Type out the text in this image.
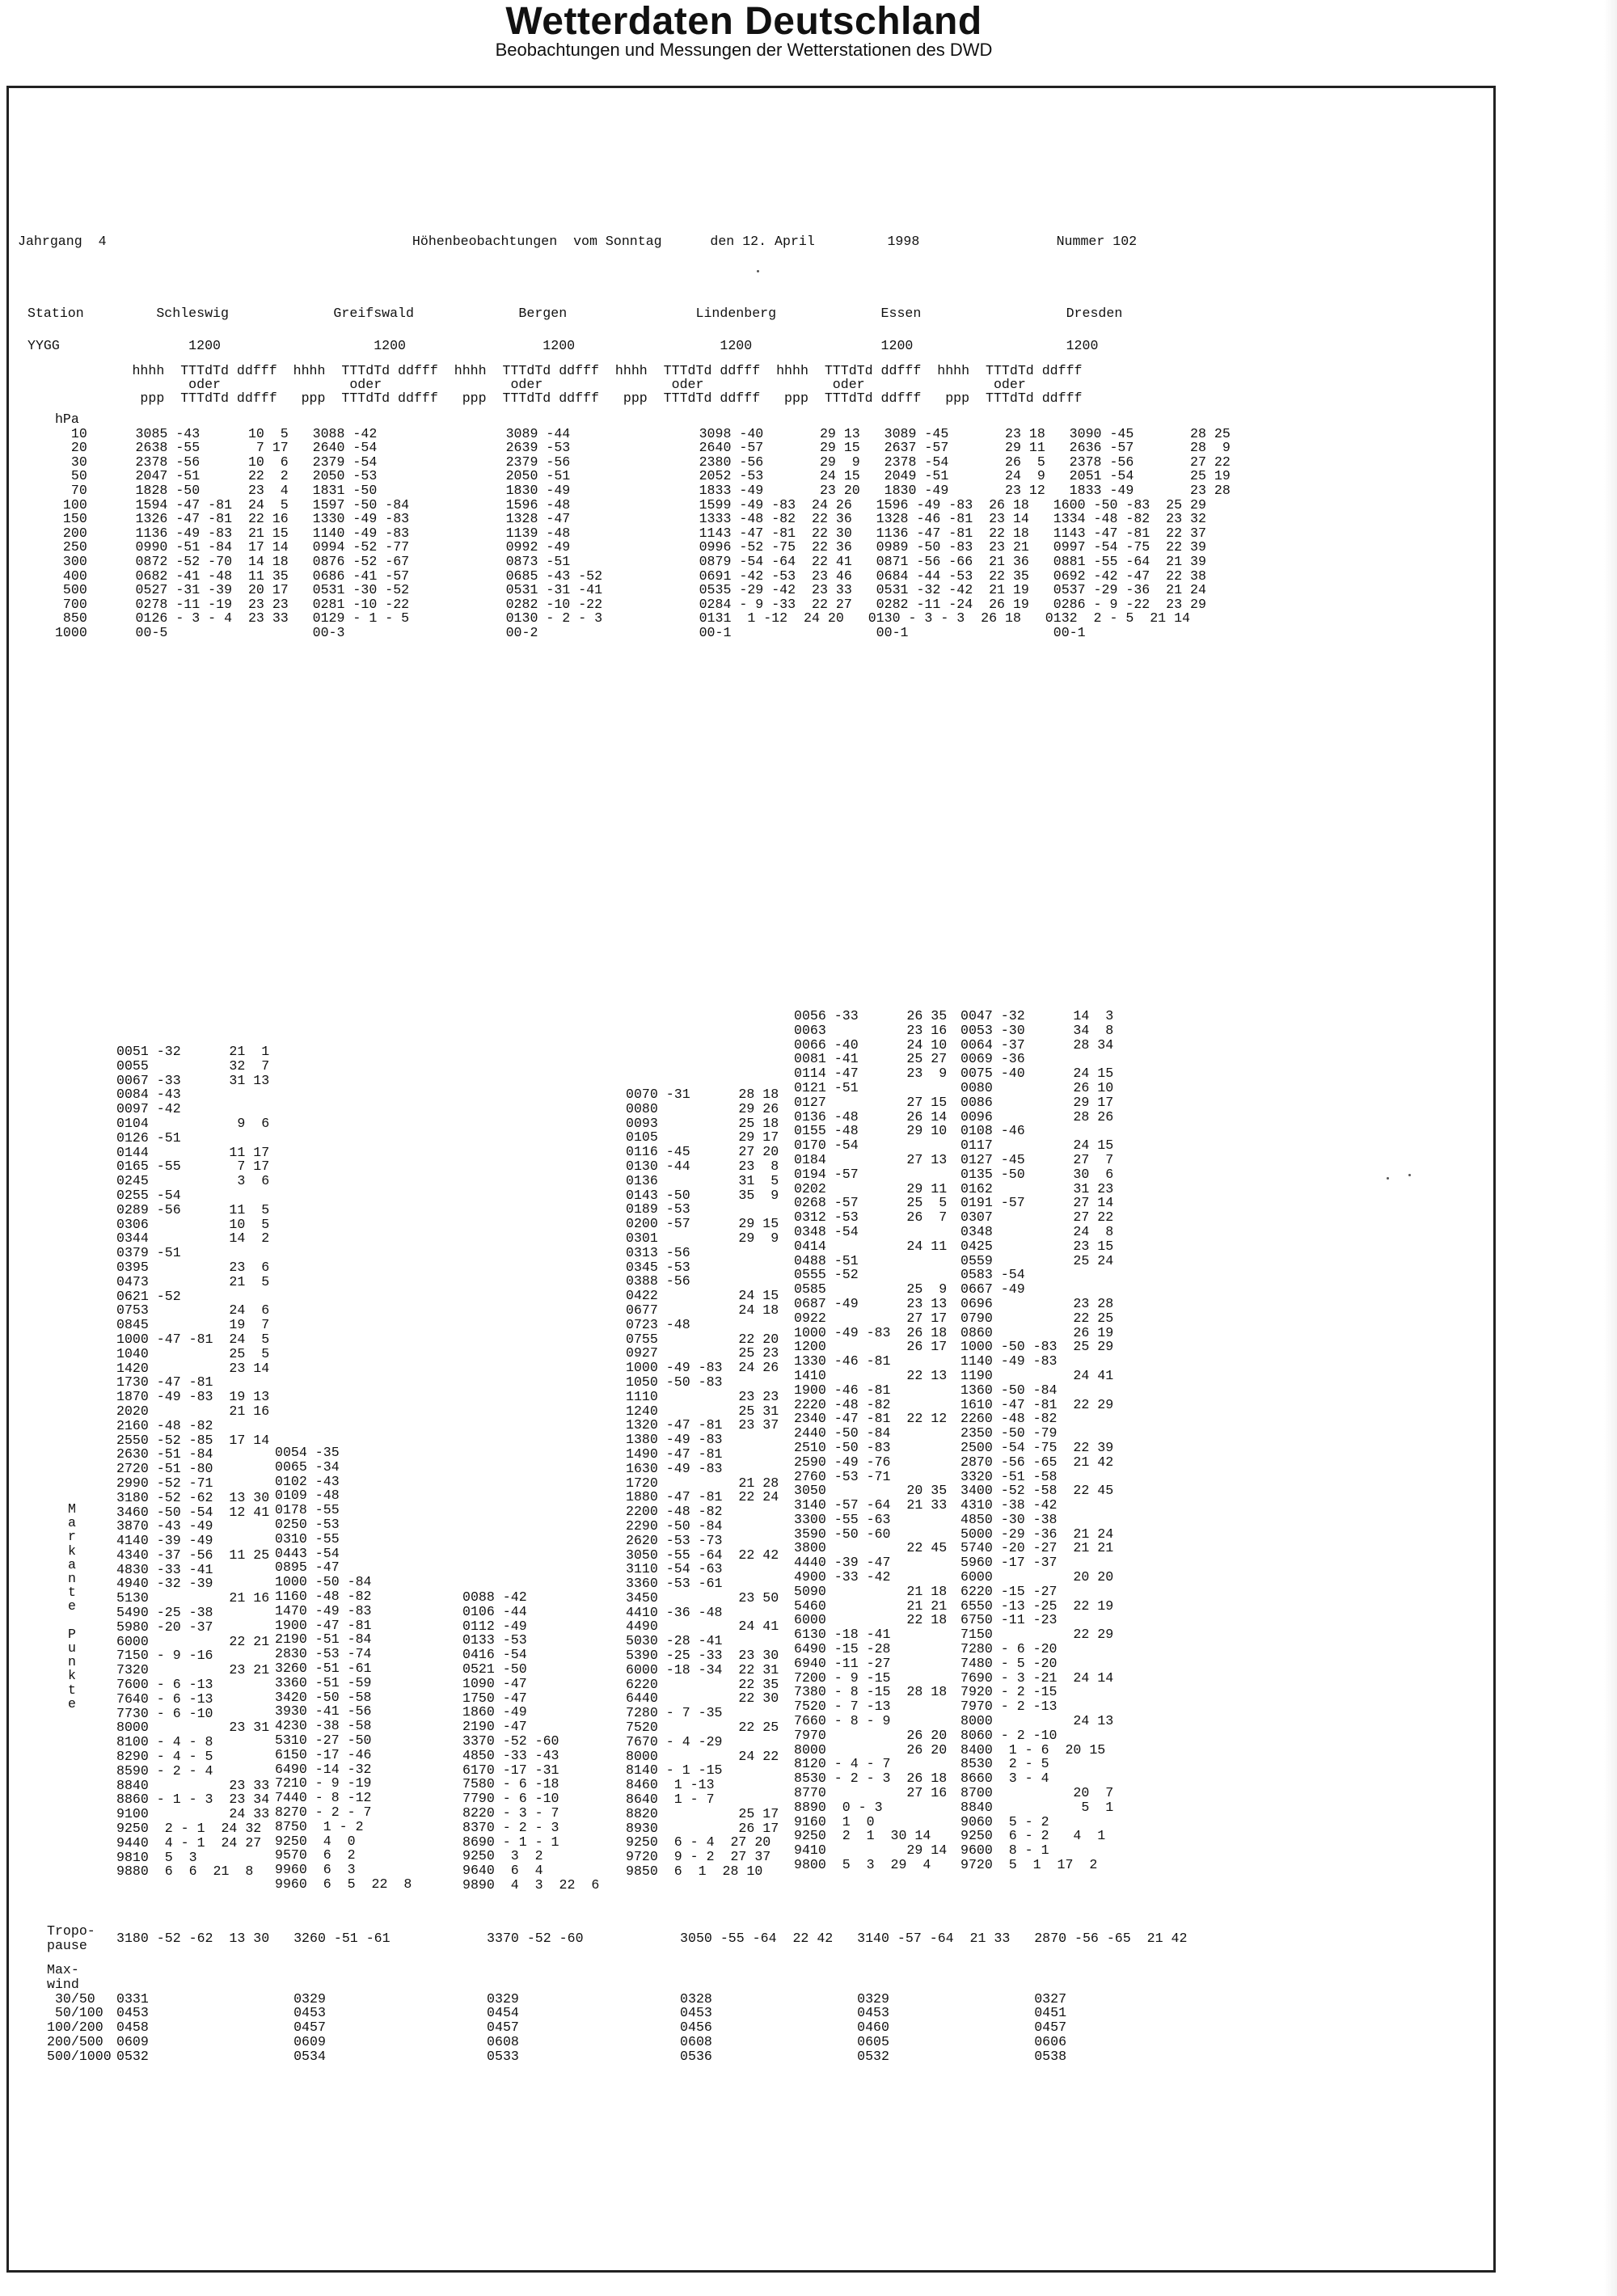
Wetterdaten Deutschland
Beobachtungen und Messungen der Wetterstationen des DWD
Jahrgang  4                                      Höhenbeobachtungen  vom Sonntag      den 12. April         1998                 Nummer 102
Station         Schleswig             Greifswald             Bergen                Lindenberg             Essen                  Dresden

YYGG                1200                   1200                 1200                  1200                1200                   1200
hhhh  TTTdTd ddfff  hhhh  TTTdTd ddfff  hhhh  TTTdTd ddfff  hhhh  TTTdTd ddfff  hhhh  TTTdTd ddfff  hhhh  TTTdTd ddfff
oder                oder                oder                oder                oder                oder
ppp  TTTdTd ddfff   ppp  TTTdTd ddfff   ppp  TTTdTd ddfff   ppp  TTTdTd ddfff   ppp  TTTdTd ddfff   ppp  TTTdTd ddfff
hPa
10      3085 -43      10  5   3088 -42                3089 -44                3098 -40       29 13   3089 -45       23 18   3090 -45       28 25
20      2638 -55       7 17   2640 -54                2639 -53                2640 -57       29 15   2637 -57       29 11   2636 -57       28  9
30      2378 -56      10  6   2379 -54                2379 -56                2380 -56       29  9   2378 -54       26  5   2378 -56       27 22
50      2047 -51      22  2   2050 -53                2050 -51                2052 -53       24 15   2049 -51       24  9   2051 -54       25 19
70      1828 -50      23  4   1831 -50                1830 -49                1833 -49       23 20   1830 -49       23 12   1833 -49       23 28
100      1594 -47 -81  24  5   1597 -50 -84            1596 -48                1599 -49 -83  24 26   1596 -49 -83  26 18   1600 -50 -83  25 29
150      1326 -47 -81  22 16   1330 -49 -83            1328 -47                1333 -48 -82  22 36   1328 -46 -81  23 14   1334 -48 -82  23 32
200      1136 -49 -83  21 15   1140 -49 -83            1139 -48                1143 -47 -81  22 30   1136 -47 -81  22 18   1143 -47 -81  22 37
250      0990 -51 -84  17 14   0994 -52 -77            0992 -49                0996 -52 -75  22 36   0989 -50 -83  23 21   0997 -54 -75  22 39
300      0872 -52 -70  14 18   0876 -52 -67            0873 -51                0879 -54 -64  22 41   0871 -56 -66  21 36   0881 -55 -64  21 39
400      0682 -41 -48  11 35   0686 -41 -57            0685 -43 -52            0691 -42 -53  23 46   0684 -44 -53  22 35   0692 -42 -47  22 38
500      0527 -31 -39  20 17   0531 -30 -52            0531 -31 -41            0535 -29 -42  23 33   0531 -32 -42  21 19   0537 -29 -36  21 24
700      0278 -11 -19  23 23   0281 -10 -22            0282 -10 -22            0284 - 9 -33  22 27   0282 -11 -24  26 19   0286 - 9 -22  23 29
850      0126 - 3 - 4  23 33   0129 - 1 - 5            0130 - 2 - 3            0131  1 -12  24 20   0130 - 3 - 3  26 18   0132  2 - 5  21 14
1000      00-5                  00-3                    00-2                    00-1                  00-1                  00-1
M
a
r
k
a
n
t
e

P
u
n
k
t
e
0051 -32      21  1
0055          32  7
0067 -33      31 13
0084 -43
0097 -42
0104           9  6
0126 -51
0144          11 17
0165 -55       7 17
0245           3  6
0255 -54
0289 -56      11  5
0306          10  5
0344          14  2
0379 -51
0395          23  6
0473          21  5
0621 -52
0753          24  6
0845          19  7
1000 -47 -81  24  5
1040          25  5
1420          23 14
1730 -47 -81
1870 -49 -83  19 13
2020          21 16
2160 -48 -82
2550 -52 -85  17 14
2630 -51 -84
2720 -51 -80
2990 -52 -71
3180 -52 -62  13 30
3460 -50 -54  12 41
3870 -43 -49
4140 -39 -49
4340 -37 -56  11 25
4830 -33 -41
4940 -32 -39
5130          21 16
5490 -25 -38
5980 -20 -37
6000          22 21
7150 - 9 -16
7320          23 21
7600 - 6 -13
7640 - 6 -13
7730 - 6 -10
8000          23 31
8100 - 4 - 8
8290 - 4 - 5
8590 - 2 - 4
8840          23 33
8860 - 1 - 3  23 34
9100          24 33
9250  2 - 1  24 32
9440  4 - 1  24 27
9810  5  3
9880  6  6  21  8
0054 -35
0065 -34
0102 -43
0109 -48
0178 -55
0250 -53
0310 -55
0443 -54
0895 -47
1000 -50 -84
1160 -48 -82
1470 -49 -83
1900 -47 -81
2190 -51 -84
2830 -53 -74
3260 -51 -61
3360 -51 -59
3420 -50 -58
3930 -41 -56
4230 -38 -58
5310 -27 -50
6150 -17 -46
6490 -14 -32
7210 - 9 -19
7440 - 8 -12
8270 - 2 - 7
8750  1 - 2
9250  4  0
9570  6  2
9960  6  3
9960  6  5  22  8
0088 -42
0106 -44
0112 -49
0133 -53
0416 -54
0521 -50
1090 -47
1750 -47
1860 -49
2190 -47
3370 -52 -60
4850 -33 -43
6170 -17 -31
7580 - 6 -18
7790 - 6 -10
8220 - 3 - 7
8370 - 2 - 3
8690 - 1 - 1
9250  3  2
9640  6  4
9890  4  3  22  6
0070 -31      28 18
0080          29 26
0093          25 18
0105          29 17
0116 -45      27 20
0130 -44      23  8
0136          31  5
0143 -50      35  9
0189 -53
0200 -57      29 15
0301          29  9
0313 -56
0345 -53
0388 -56
0422          24 15
0677          24 18
0723 -48
0755          22 20
0927          25 23
1000 -49 -83  24 26
1050 -50 -83
1110          23 23
1240          25 31
1320 -47 -81  23 37
1380 -49 -83
1490 -47 -81
1630 -49 -83
1720          21 28
1880 -47 -81  22 24
2200 -48 -82
2290 -50 -84
2620 -53 -73
3050 -55 -64  22 42
3110 -54 -63
3360 -53 -61
3450          23 50
4410 -36 -48
4490          24 41
5030 -28 -41
5390 -25 -33  23 30
6000 -18 -34  22 31
6220          22 35
6440          22 30
7280 - 7 -35
7520          22 25
7670 - 4 -29
8000          24 22
8140 - 1 -15
8460  1 -13
8640  1 - 7
8820          25 17
8930          26 17
9250  6 - 4  27 20
9720  9 - 2  27 37
9850  6  1  28 10
0056 -33      26 35
0063          23 16
0066 -40      24 10
0081 -41      25 27
0114 -47      23  9
0121 -51
0127          27 15
0136 -48      26 14
0155 -48      29 10
0170 -54
0184          27 13
0194 -57
0202          29 11
0268 -57      25  5
0312 -53      26  7
0348 -54
0414          24 11
0488 -51
0555 -52
0585          25  9
0687 -49      23 13
0922          27 17
1000 -49 -83  26 18
1200          26 17
1330 -46 -81
1410          22 13
1900 -46 -81
2220 -48 -82
2340 -47 -81  22 12
2440 -50 -84
2510 -50 -83
2590 -49 -76
2760 -53 -71
3050          20 35
3140 -57 -64  21 33
3300 -55 -63
3590 -50 -60
3800          22 45
4440 -39 -47
4900 -33 -42
5090          21 18
5460          21 21
6000          22 18
6130 -18 -41
6490 -15 -28
6940 -11 -27
7200 - 9 -15
7380 - 8 -15  28 18
7520 - 7 -13
7660 - 8 - 9
7970          26 20
8000          26 20
8120 - 4 - 7
8530 - 2 - 3  26 18
8770          27 16
8890  0 - 3
9160  1  0
9250  2  1  30 14
9410          29 14
9800  5  3  29  4
0047 -32      14  3
0053 -30      34  8
0064 -37      28 34
0069 -36
0075 -40      24 15
0080          26 10
0086          29 17
0096          28 26
0108 -46
0117          24 15
0127 -45      27  7
0135 -50      30  6
0162          31 23
0191 -57      27 14
0307          27 22
0348          24  8
0425          23 15
0559          25 24
0583 -54
0667 -49
0696          23 28
0790          22 25
0860          26 19
1000 -50 -83  25 29
1140 -49 -83
1190          24 41
1360 -50 -84
1610 -47 -81  22 29
2260 -48 -82
2350 -50 -79
2500 -54 -75  22 39
2870 -56 -65  21 42
3320 -51 -58
3400 -52 -58  22 45
4310 -38 -42
4850 -30 -38
5000 -29 -36  21 24
5740 -20 -27  21 21
5960 -17 -37
6000          20 20
6220 -15 -27
6550 -13 -25  22 19
6750 -11 -23
7150          22 29
7280 - 6 -20
7480 - 5 -20
7690 - 3 -21  24 14
7920 - 2 -15
7970 - 2 -13
8000          24 13
8060 - 2 -10
8400  1 - 6  20 15
8530  2 - 5
8660  3 - 4
8700          20  7
8840           5  1
9060  5 - 2
9250  6 - 2   4  1
9600  8 - 1
9720  5  1  17  2
Tropo-
pause	3180 -52 -62  13 30   3260 -51 -61            3370 -52 -60            3050 -55 -64  22 42   3140 -57 -64  21 33   2870 -56 -65  21 42
Max-
wind
30/50
50/100
100/200
200/500
500/1000

0331                  0329                    0329                    0328                  0329                  0327
0453                  0453                    0454                    0453                  0453                  0451
0458                  0457                    0457                    0456                  0460                  0457
0609                  0609                    0608                    0608                  0605                  0606
0532                  0534                    0533                    0536                  0532                  0538
